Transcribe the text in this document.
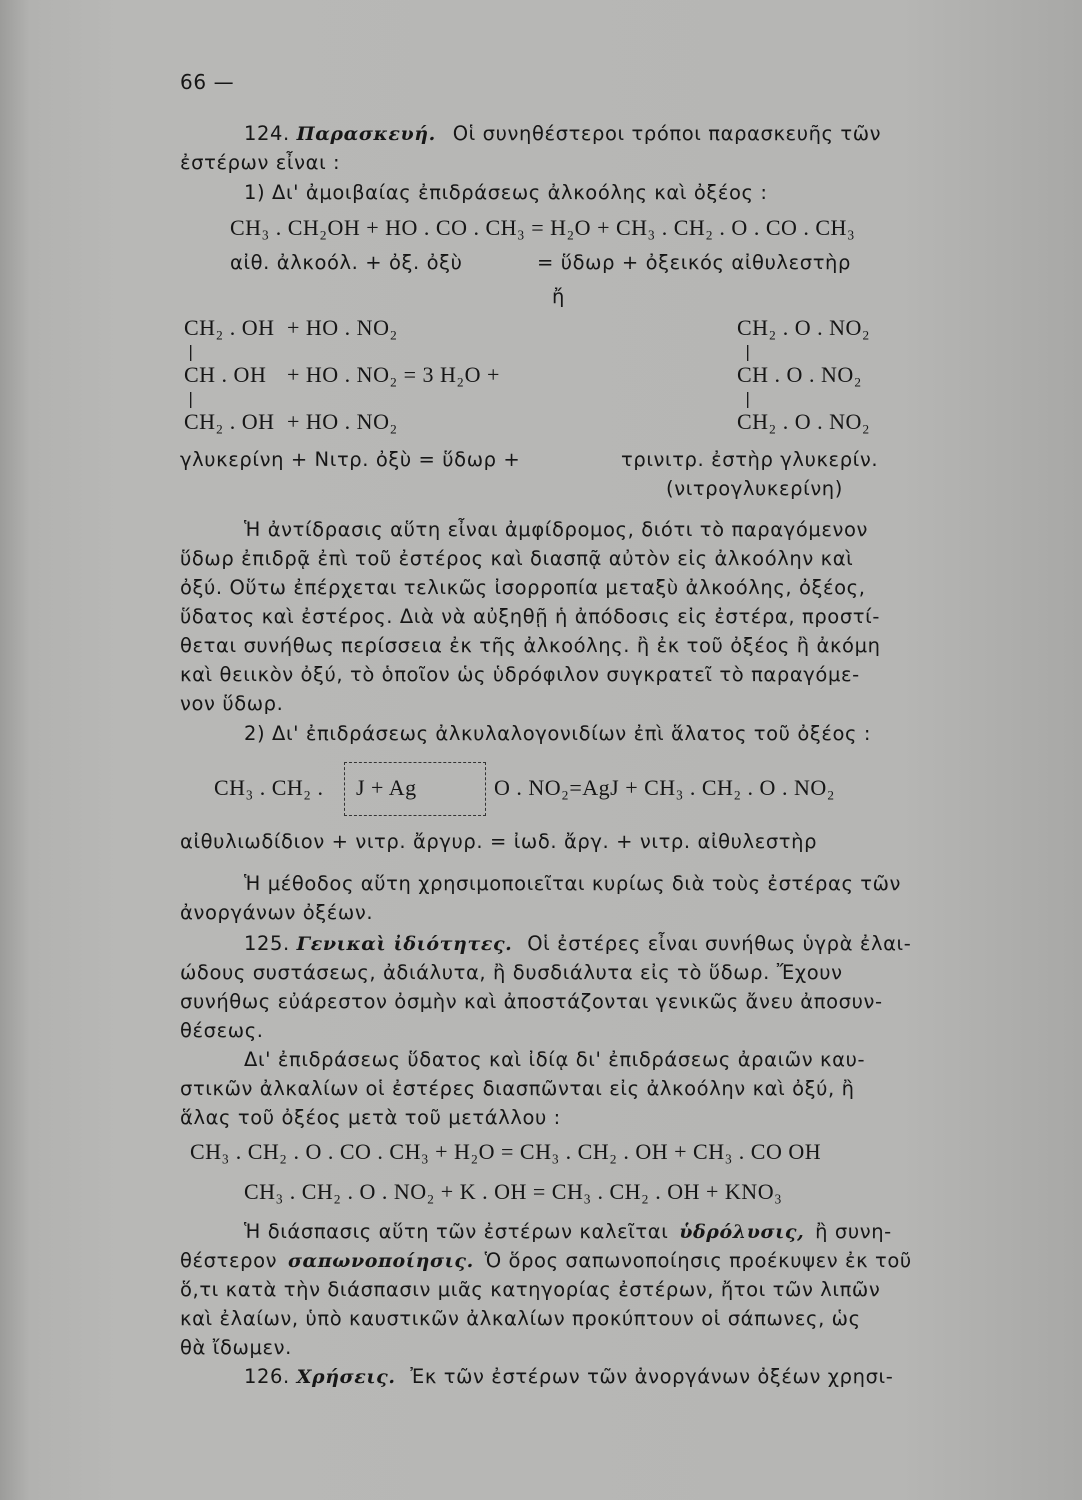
66 —
124. Παρασκευή. Οἱ συνηθέστεροι τρόποι παρασκευῆς τῶν
ἐστέρων εἶναι :
1) Δι' ἀμοιβαίας ἐπιδράσεως ἀλκοόλης καὶ ὀξέος :
CH₃ . CH₂OH + HO . CO . CH₃ = H₂O + CH₃ . CH₂ . O . CO . CH₃
αἰθ. ἀλκοόλ. + ὀξ. ὀξὺ	= ὕδωρ + ὀξεικός αἰθυλεστὴρ
ἤ
CH₂ . OH + HO . NO₂	CH₂ . O . NO₂
|	|
CH . OH + HO . NO₂ = 3 H₂O +	CH . O . NO₂
|	|
CH₂ . OH + HO . NO₂	CH₂ . O . NO₂
γλυκερίνη + Νιτρ. ὀξὺ = ὕδωρ +	τρινιτρ. ἐστὴρ γλυκερίν.
(νιτρογλυκερίνη)
Ἡ ἀντίδρασις αὕτη εἶναι ἀμφίδρομος, διότι τὸ παραγόμενον
ὕδωρ ἐπιδρᾷ ἐπὶ τοῦ ἐστέρος καὶ διασπᾷ αὐτὸν εἰς ἀλκοόλην καὶ
ὀξύ. Οὕτω ἐπέρχεται τελικῶς ἰσορροπία μεταξὺ ἀλκοόλης, ὀξέος,
ὕδατος καὶ ἐστέρος. Διὰ νὰ αὐξηθῇ ἡ ἀπόδοσις εἰς ἐστέρα, προστί-
θεται συνήθως περίσσεια ἐκ τῆς ἀλκοόλης. ἢ ἐκ τοῦ ὀξέος ἢ ἀκόμη
καὶ θειικὸν ὀξύ, τὸ ὁποῖον ὡς ὑδρόφιλον συγκρατεῖ τὸ παραγόμε-
νον ὕδωρ.
2) Δι' ἐπιδράσεως ἀλκυλαλογονιδίων ἐπὶ ἅλατος τοῦ ὀξέος :
CH₃ . CH₂ . J + Ag	O . NO₂=AgJ + CH₃ . CH₂ . O . NO₂
αἰθυλιωδίδιον + νιτρ. ἄργυρ. = ἰωδ. ἄργ. + νιτρ. αἰθυλεστὴρ
Ἡ μέθοδος αὕτη χρησιμοποιεῖται κυρίως διὰ τοὺς ἐστέρας τῶν
ἀνοργάνων ὀξέων.
125. Γενικαὶ ἰδιότητες. Οἱ ἐστέρες εἶναι συνήθως ὑγρὰ ἐλαι-
ώδους συστάσεως, ἀδιάλυτα, ἢ δυσδιάλυτα εἰς τὸ ὕδωρ. Ἔχουν
συνήθως εὐάρεστον ὀσμὴν καὶ ἀποστάζονται γενικῶς ἄνευ ἀποσυν-
θέσεως.
Δι' ἐπιδράσεως ὕδατος καὶ ἰδίᾳ δι' ἐπιδράσεως ἀραιῶν καυ-
στικῶν ἀλκαλίων οἱ ἐστέρες διασπῶνται εἰς ἀλκοόλην καὶ ὀξύ, ἢ
ἅλας τοῦ ὀξέος μετὰ τοῦ μετάλλου :
CH₃ . CH₂ . O . CO . CH₃ + H₂O = CH₃ . CH₂ . OH + CH₃ . CO OH
CH₃ . CH₂ . O . NO₂ + K . OH = CH₃ . CH₂ . OH + KNO₃
Ἡ διάσπασις αὕτη τῶν ἐστέρων καλεῖται ὑδρόλυσις, ἢ συνη-
θέστερον σαπωνοποίησις. Ὁ ὅρος σαπωνοποίησις προέκυψεν ἐκ τοῦ
ὅ,τι κατὰ τὴν διάσπασιν μιᾶς κατηγορίας ἐστέρων, ἤτοι τῶν λιπῶν
καὶ ἐλαίων, ὑπὸ καυστικῶν ἀλκαλίων προκύπτουν οἱ σάπωνες, ὡς
θὰ ἴδωμεν.
126. Χρήσεις. Ἐκ τῶν ἐστέρων τῶν ἀνοργάνων ὀξέων χρησι-
